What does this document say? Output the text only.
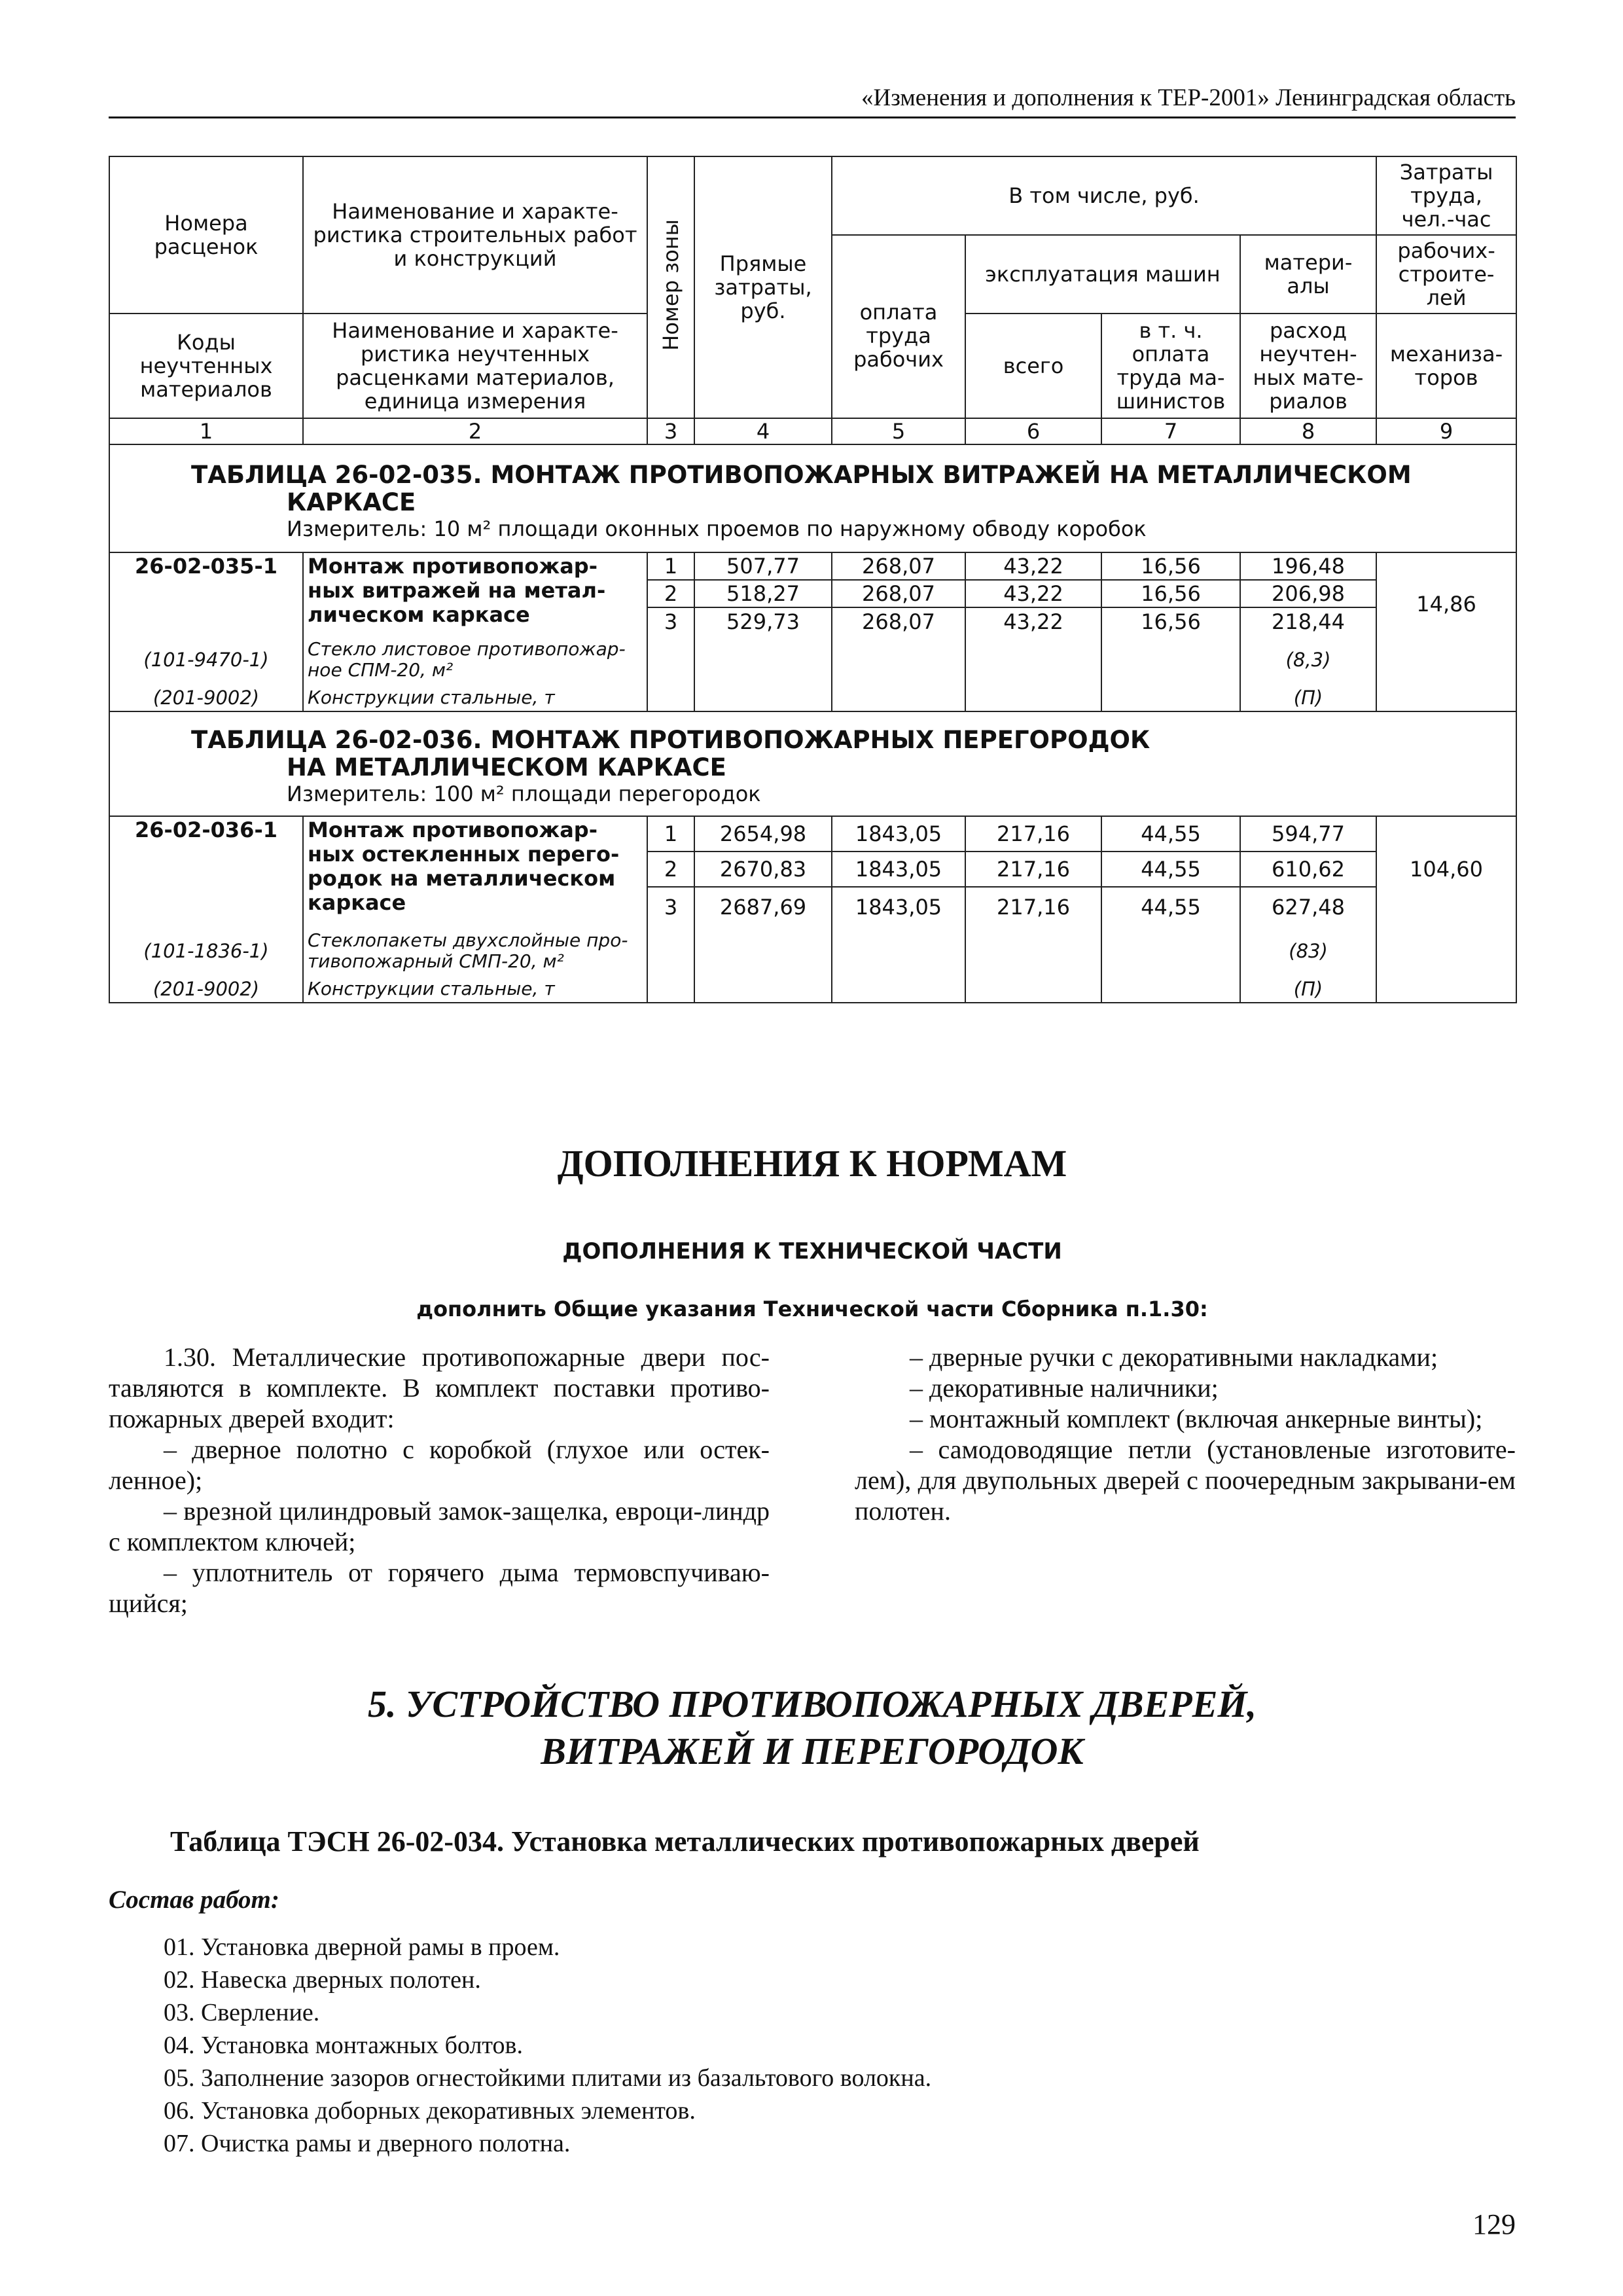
«Изменения и дополнения к ТЕР-2001» Ленинградская область
Номера расценок	Наименование и характе-ристика строительных работ и конструкций	Номер зоны	Прямые затраты, руб.	В том числе, руб.				Затраты труда, чел.-час
				оплата труда рабочих	эксплуатация машин		матери-алы	рабочих-строите-лей
Коды неучтенных материалов	Наименование и характе-ристика неучтенных расценками материалов, единица измерения				всего	в т. ч. оплата труда ма-шинистов	расход неучтен-ных мате-риалов	механиза-торов
1	2	3	4	5	6	7	8	9

ТАБЛИЦА 26-02-035. МОНТАЖ ПРОТИВОПОЖАРНЫХ ВИТРАЖЕЙ НА МЕТАЛЛИЧЕСКОМ
КАРКАСЕ
Измеритель: 10 м² площади оконных проемов по наружному обводу коробок								

26-02-035-1	Монтаж противопожар-ных витражей на метал-лическом каркасе	1	507,77	268,07	43,22	16,56	196,48	14,86
		2	518,27	268,07	43,22	16,56	206,98	
		3	529,73	268,07	43,22	16,56	218,44	
(101-9470-1)	Стекло листовое противопожар-ное СПМ-20, м²						(8,3)	
(201-9002)	Конструкции стальные, т						(П)	

ТАБЛИЦА 26-02-036. МОНТАЖ ПРОТИВОПОЖАРНЫХ ПЕРЕГОРОДОК
НА МЕТАЛЛИЧЕСКОМ КАРКАСЕ
Измеритель: 100 м² площади перегородок								

26-02-036-1	Монтаж противопожар-ных остекленных перего-родок на металлическом каркасе	1	2654,98	1843,05	217,16	44,55	594,77	104,60
		2	2670,83	1843,05	217,16	44,55	610,62	
		3	2687,69	1843,05	217,16	44,55	627,48	
(101-1836-1)	Стеклопакеты двухслойные про-тивопожарный СМП-20, м²						(83)	
(201-9002)	Конструкции стальные, т						(П)	
ДОПОЛНЕНИЯ К НОРМАМ
ДОПОЛНЕНИЯ К ТЕХНИЧЕСКОЙ ЧАСТИ
дополнить Общие указания Технической части Сборника п.1.30:

1.30. Металлические противопожарные двери пос-тавляются в комплекте. В комплект поставки противо-пожарных дверей входит:

– дверное полотно с коробкой (глухое или остек-ленное);

– врезной цилиндровый замок-защелка, евроци-линдр с комплектом ключей;

– уплотнитель от горячего дыма термовспучиваю-щийся;

– дверные ручки с декоративными накладками;

– декоративные наличники;

– монтажный комплект (включая анкерные винты);

– самодоводящие петли (установленые изготовите-лем), для двупольных дверей с поочередным закрывани-ем полотен.

5. УСТРОЙСТВО ПРОТИВОПОЖАРНЫХ ДВЕРЕЙ,
ВИТРАЖЕЙ И ПЕРЕГОРОДОК
Таблица ТЭСН 26-02-034. Установка металлических противопожарных дверей
Состав работ:
01. Установка дверной рамы в проем.
02. Навеска дверных полотен.
03. Сверление.
04. Установка монтажных болтов.
05. Заполнение зазоров огнестойкими плитами из базальтового волокна.
06. Установка доборных декоративных элементов.
07. Очистка рамы и дверного полотна.
129
